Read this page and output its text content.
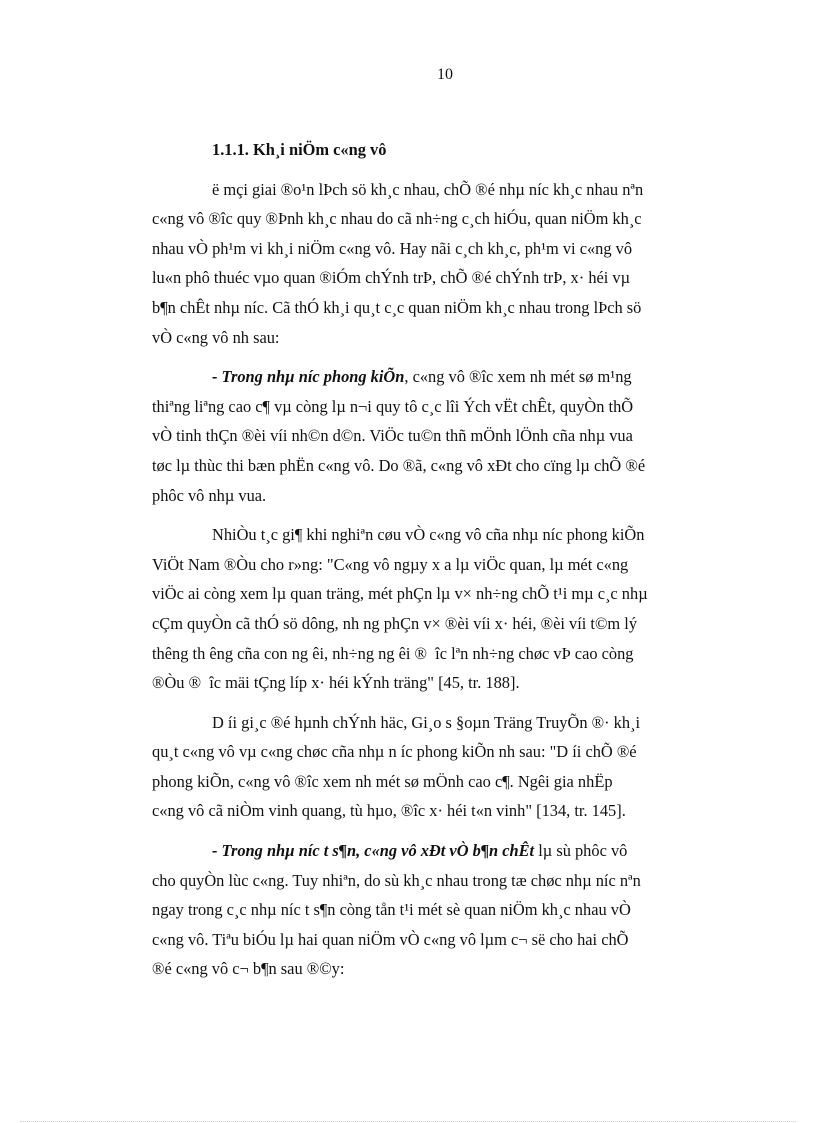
10
1.1.1. Kh¸i niÖm c«ng vô
ë mçi giai ®o¹n lÞch sö kh¸c nhau, chÕ ®é nhµ níc kh¸c nhau nªn
c«ng vô ®îc quy ®Þnh kh¸c nhau do cã nh÷ng c¸ch hiÓu, quan niÖm kh¸c
nhau vÒ ph¹m vi kh¸i niÖm c«ng vô. Hay nãi c¸ch kh¸c, ph¹m vi c«ng vô
lu«n phô thuéc vµo quan ®iÓm chÝnh trÞ, chÕ ®é chÝnh trÞ, x· héi vµ
b¶n chÊt nhµ níc. Cã thÓ kh¸i qu¸t c¸c quan niÖm kh¸c nhau trong lÞch sö
vÒ c«ng vô nh sau:
- Trong nhµ níc phong kiÕn, c«ng vô ®îc xem nh mét sø m¹ng
thiªng liªng cao c¶ vµ còng lµ n¬i quy tô c¸c lîi Ých vËt chÊt, quyÒn thÕ
vÒ tinh thÇn ®èi víi nh©n d©n. ViÖc tu©n thñ mÖnh lÖnh cña nhµ vua
tøc lµ thùc thi bæn phËn c«ng vô. Do ®ã, c«ng vô xÐt cho cïng lµ chÕ ®é
phôc vô nhµ vua.
NhiÒu t¸c gi¶ khi nghiªn cøu vÒ c«ng vô cña nhµ níc phong kiÕn
ViÖt Nam ®Òu cho r»ng: "C«ng vô ngµy x a lµ viÖc quan, lµ mét c«ng
viÖc ai còng xem lµ quan träng, mét phÇn lµ v× nh÷ng chÕ t¹i mµ c¸c nhµ
cÇm quyÒn cã thÓ sö dông, nh ng phÇn v× ®èi víi x· héi, ®èi víi t©m lý
thêng th êng cña con ng êi, nh÷ng ng êi ® îc lªn nh÷ng chøc vÞ cao còng
®Òu ® îc mäi tÇng líp x· héi kÝnh träng" [45, tr. 188].
D íi gi¸c ®é hµnh chÝnh häc, Gi¸o s §oµn Träng TruyÕn ®· kh¸i
qu¸t c«ng vô vµ c«ng chøc cña nhµ n íc phong kiÕn nh sau: "D íi chÕ ®é
phong kiÕn, c«ng vô ®îc xem nh mét sø mÖnh cao c¶. Ngêi gia nhËp
c«ng vô cã niÒm vinh quang, tù hµo, ®îc x· héi t«n vinh" [134, tr. 145].
- Trong nhµ níc t s¶n, c«ng vô xÐt vÒ b¶n chÊt lµ sù phôc vô
cho quyÒn lùc c«ng. Tuy nhiªn, do sù kh¸c nhau trong tæ chøc nhµ níc nªn
ngay trong c¸c nhµ níc t s¶n còng tån t¹i mét sè quan niÖm kh¸c nhau vÒ
c«ng vô. Tiªu biÓu lµ hai quan niÖm vÒ c«ng vô lµm c¬ së cho hai chÕ
®é c«ng vô c¬ b¶n sau ®©y:
